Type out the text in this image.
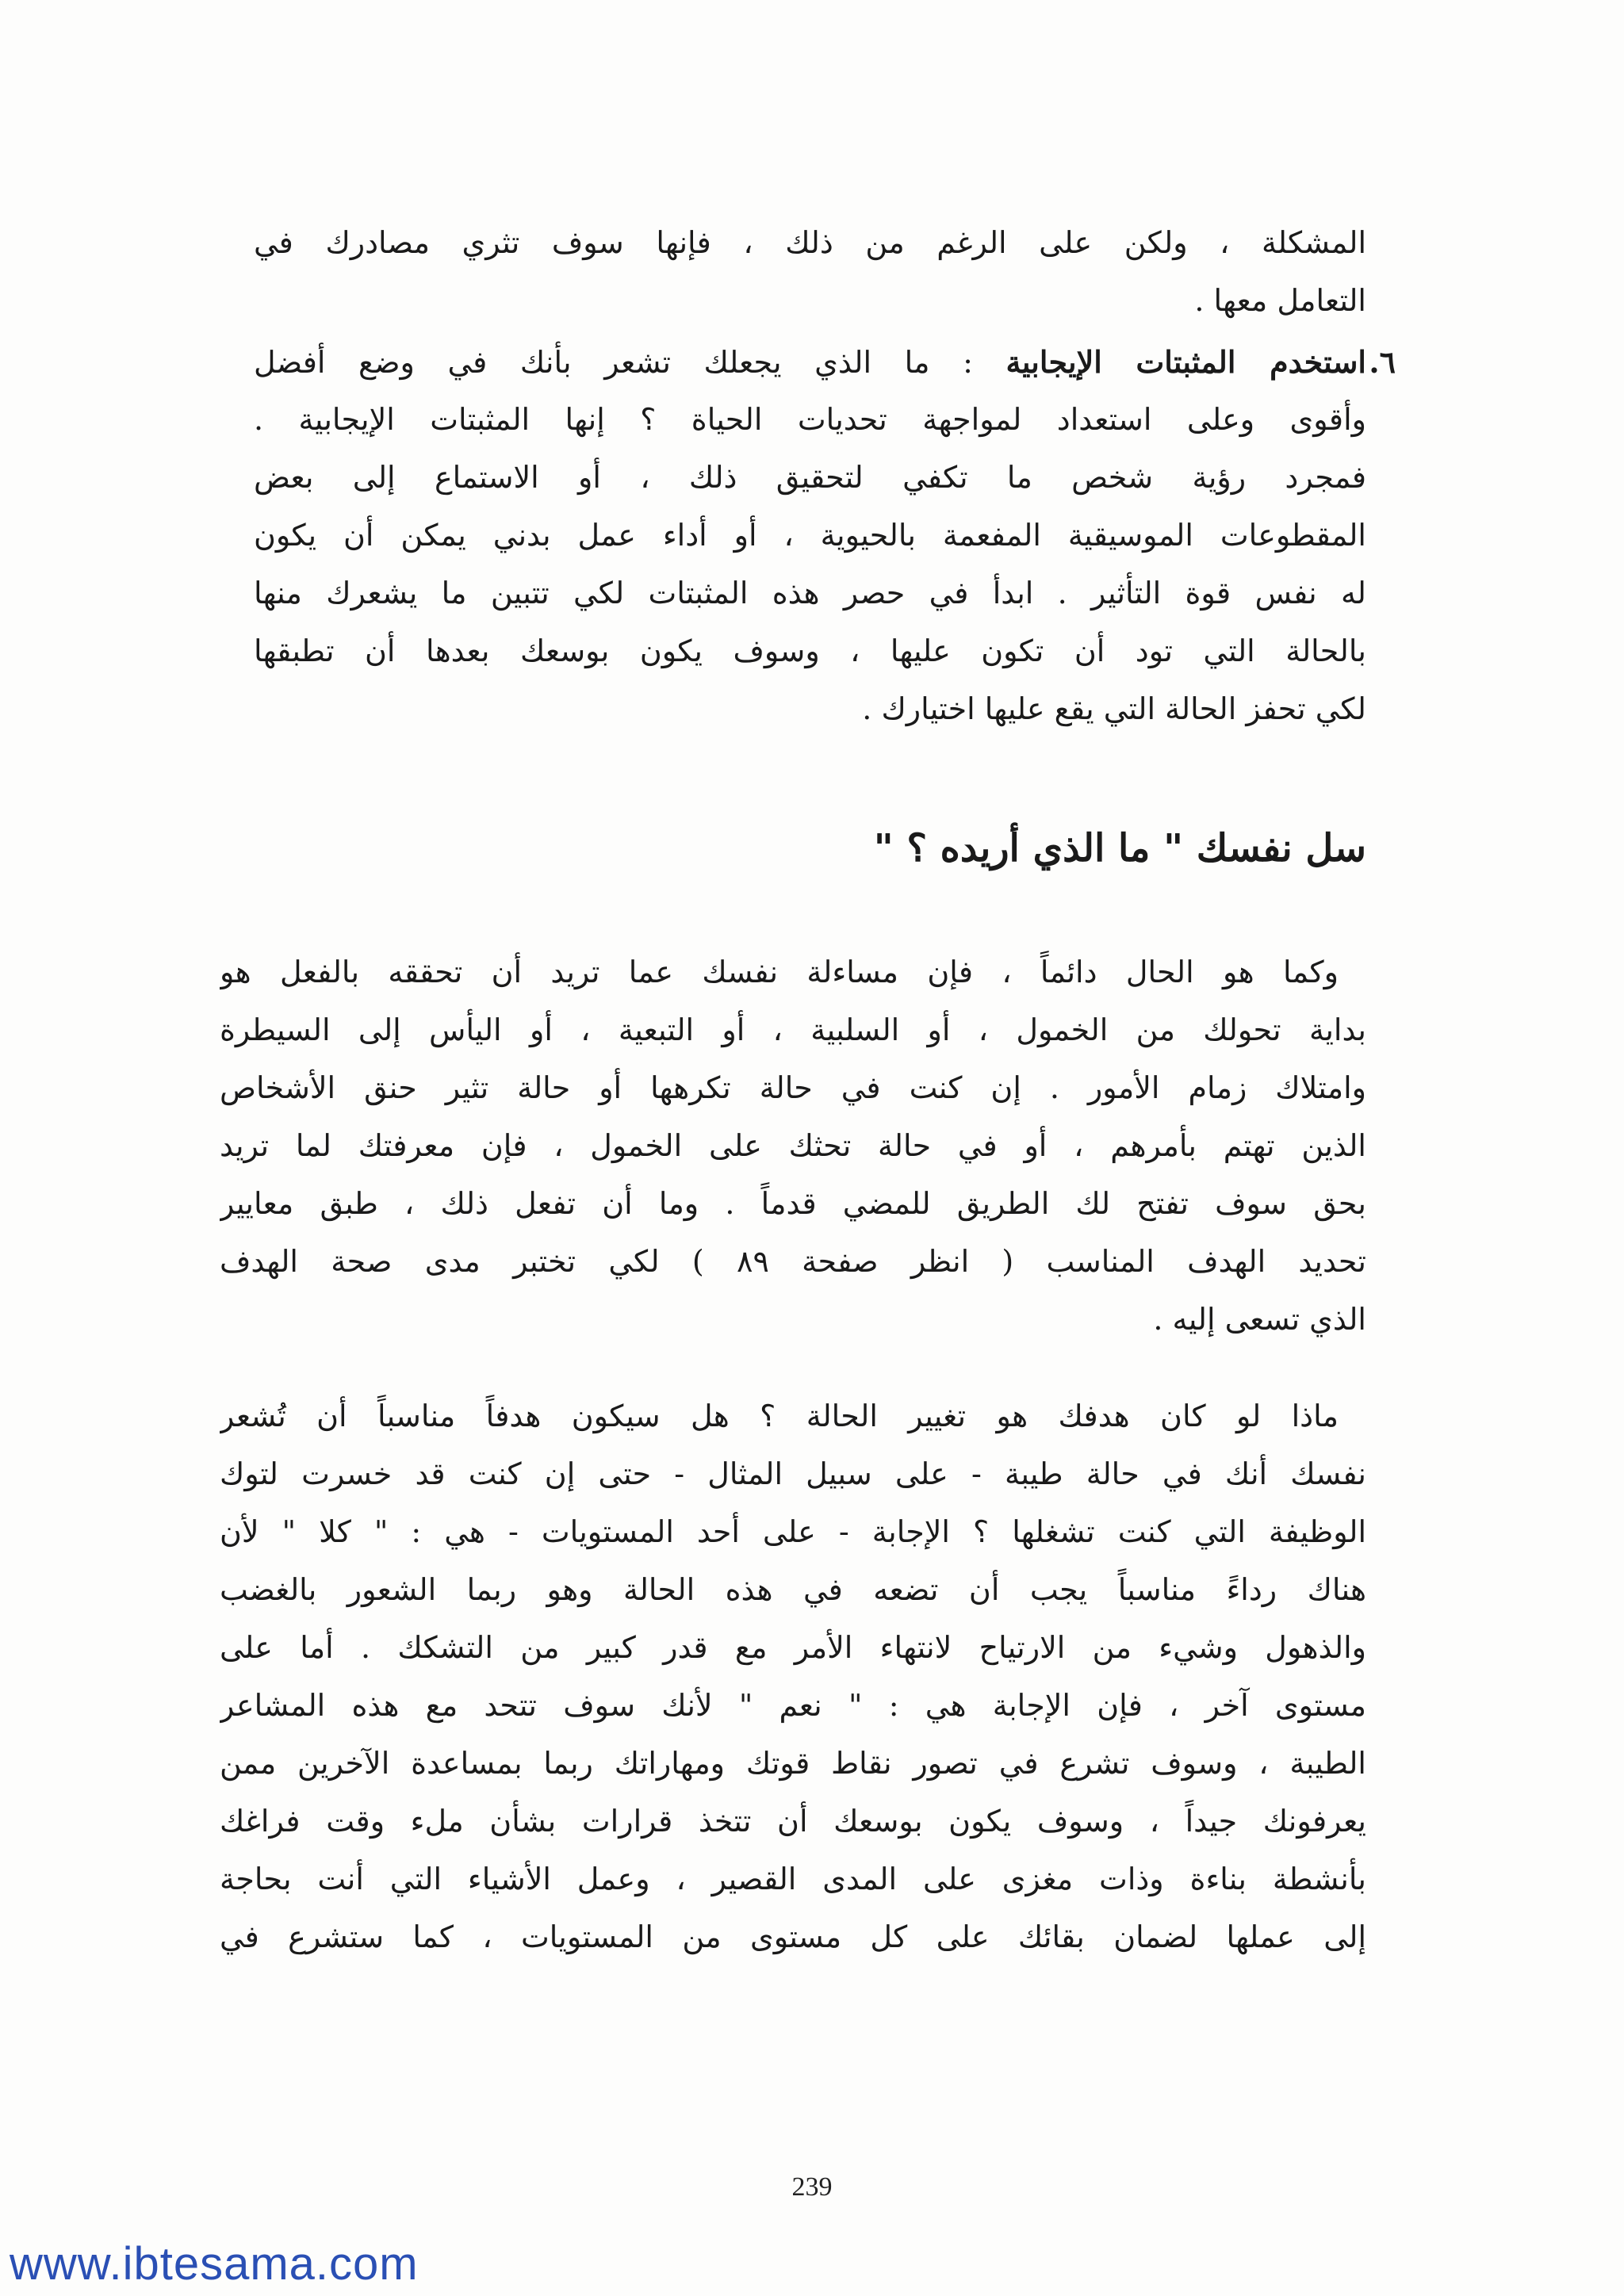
المشكلة ، ولكن على الرغم من ذلك ، فإنها سوف تثري مصادرك في
التعامل معها .
٦.
استخدم المثبتات الإيجابية : ما الذي يجعلك تشعر بأنك في وضع أفضل
وأقوى وعلى استعداد لمواجهة تحديات الحياة ؟ إنها المثبتات الإيجابية .
فمجرد رؤية شخص ما تكفي لتحقيق ذلك ، أو الاستماع إلى بعض
المقطوعات الموسيقية المفعمة بالحيوية ، أو أداء عمل بدني يمكن أن يكون
له نفس قوة التأثير . ابدأ في حصر هذه المثبتات لكي تتبين ما يشعرك منها
بالحالة التي تود أن تكون عليها ، وسوف يكون بوسعك بعدها أن تطبقها
لكي تحفز الحالة التي يقع عليها اختيارك .
سل نفسك " ما الذي أريده ؟ "
وكما هو الحال دائماً ، فإن مساءلة نفسك عما تريد أن تحققه بالفعل هو
بداية تحولك من الخمول ، أو السلبية ، أو التبعية ، أو اليأس إلى السيطرة
وامتلاك زمام الأمور . إن كنت في حالة تكرهها أو حالة تثير حنق الأشخاص
الذين تهتم بأمرهم ، أو في حالة تحثك على الخمول ، فإن معرفتك لما تريد
بحق سوف تفتح لك الطريق للمضي قدماً . وما أن تفعل ذلك ، طبق معايير
تحديد الهدف المناسب ( انظر صفحة ٨٩ ) لكي تختبر مدى صحة الهدف
الذي تسعى إليه .
ماذا لو كان هدفك هو تغيير الحالة ؟ هل سيكون هدفاً مناسباً أن تُشعر
نفسك أنك في حالة طيبة - على سبيل المثال - حتى إن كنت قد خسرت لتوك
الوظيفة التي كنت تشغلها ؟ الإجابة - على أحد المستويات - هي : " كلا " لأن
هناك رداءً مناسباً يجب أن تضعه في هذه الحالة وهو ربما الشعور بالغضب
والذهول وشيء من الارتياح لانتهاء الأمر مع قدر كبير من التشكك . أما على
مستوى آخر ، فإن الإجابة هي : " نعم " لأنك سوف تتحد مع هذه المشاعر
الطيبة ، وسوف تشرع في تصور نقاط قوتك ومهاراتك ربما بمساعدة الآخرين ممن
يعرفونك جيداً ، وسوف يكون بوسعك أن تتخذ قرارات بشأن ملء وقت فراغك
بأنشطة بناءة وذات مغزى على المدى القصير ، وعمل الأشياء التي أنت بحاجة
إلى عملها لضمان بقائك على كل مستوى من المستويات ، كما ستشرع في
239
www.ibtesama.com
